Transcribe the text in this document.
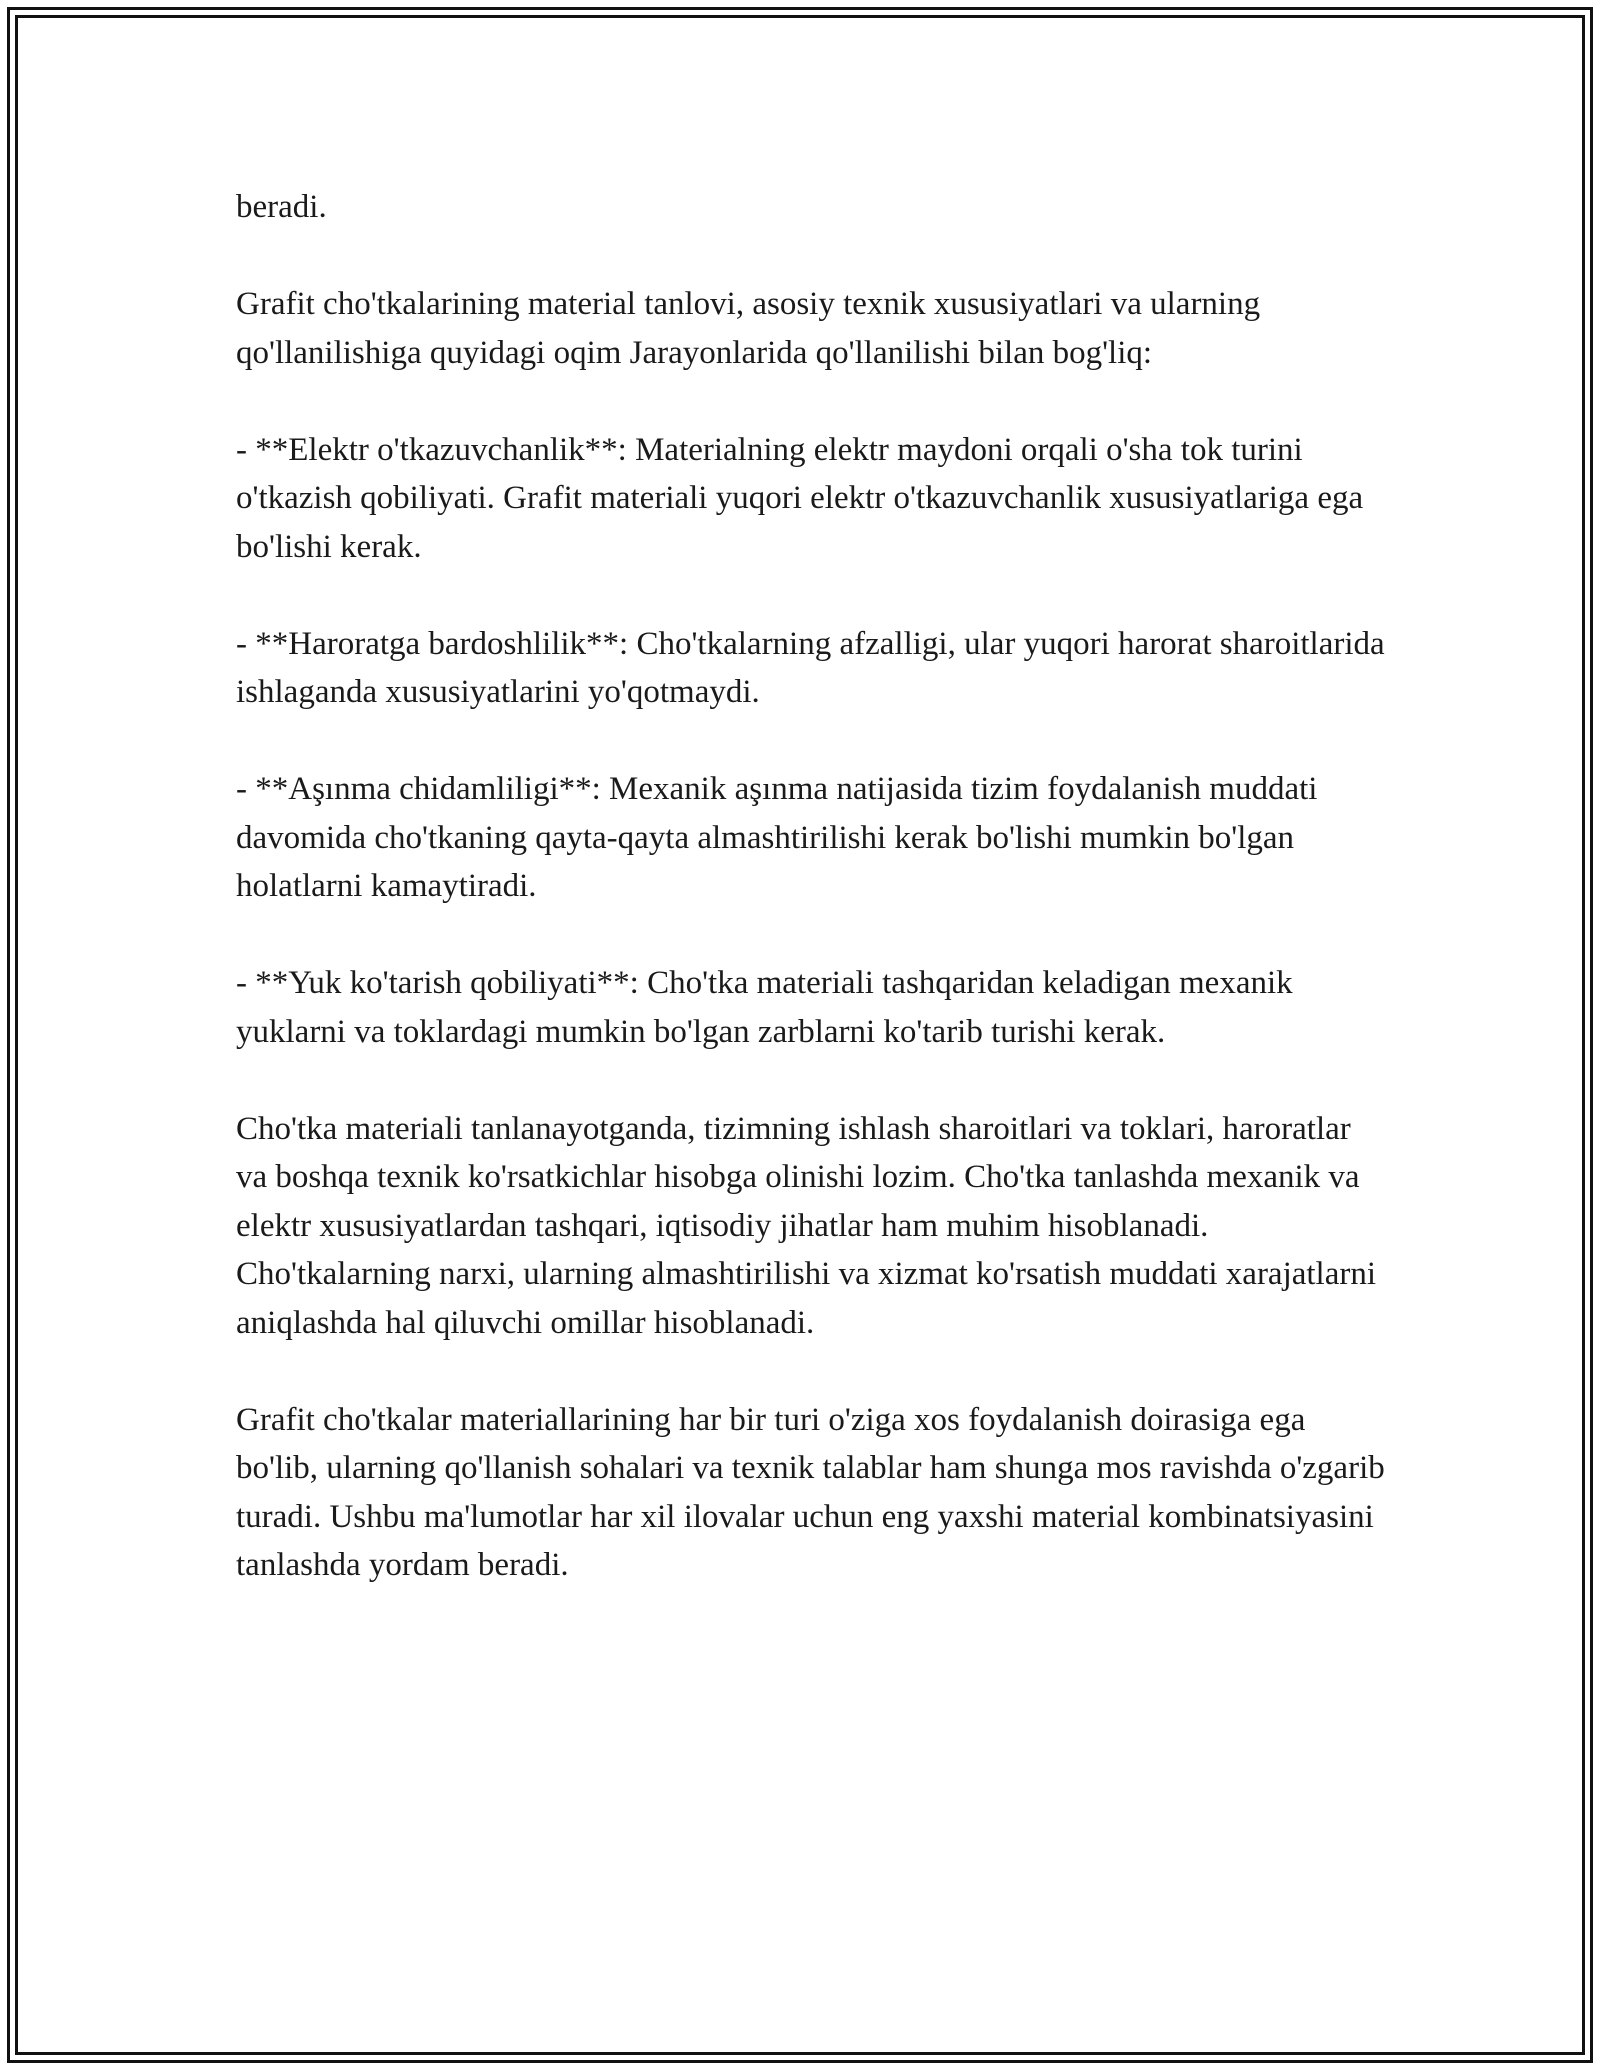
beradi.

Grafit cho'tkalarining material tanlovi, asosiy texnik xususiyatlari va ularning qo'llanilishiga quyidagi oqim Jarayonlarida qo'llanilishi bilan bog'liq:

- **Elektr o'tkazuvchanlik**: Materialning elektr maydoni orqali o'sha tok turini o'tkazish qobiliyati. Grafit materiali yuqori elektr o'tkazuvchanlik xususiyatlariga ega bo'lishi kerak.

- **Haroratga bardoshlilik**: Cho'tkalarning afzalligi, ular yuqori harorat sharoitlarida ishlaganda xususiyatlarini yo'qotmaydi.

- **Aşınma chidamliligi**: Mexanik aşınma natijasida tizim foydalanish muddati davomida cho'tkaning qayta-qayta almashtirilishi kerak bo'lishi mumkin bo'lgan holatlarni kamaytiradi.

- **Yuk ko'tarish qobiliyati**: Cho'tka materiali tashqaridan keladigan mexanik yuklarni va toklardagi mumkin bo'lgan zarblarni ko'tarib turishi kerak.

Cho'tka materiali tanlanayotganda, tizimning ishlash sharoitlari va toklari, haroratlar va boshqa texnik ko'rsatkichlar hisobga olinishi lozim. Cho'tka tanlashda mexanik va elektr xususiyatlardan tashqari, iqtisodiy jihatlar ham muhim hisoblanadi. Cho'tkalarning narxi, ularning almashtirilishi va xizmat ko'rsatish muddati xarajatlarni aniqlashda hal qiluvchi omillar hisoblanadi.

Grafit cho'tkalar materiallarining har bir turi o'ziga xos foydalanish doirasiga ega bo'lib, ularning qo'llanish sohalari va texnik talablar ham shunga mos ravishda o'zgarib turadi. Ushbu ma'lumotlar har xil ilovalar uchun eng yaxshi material kombinatsiyasini tanlashda yordam beradi.
